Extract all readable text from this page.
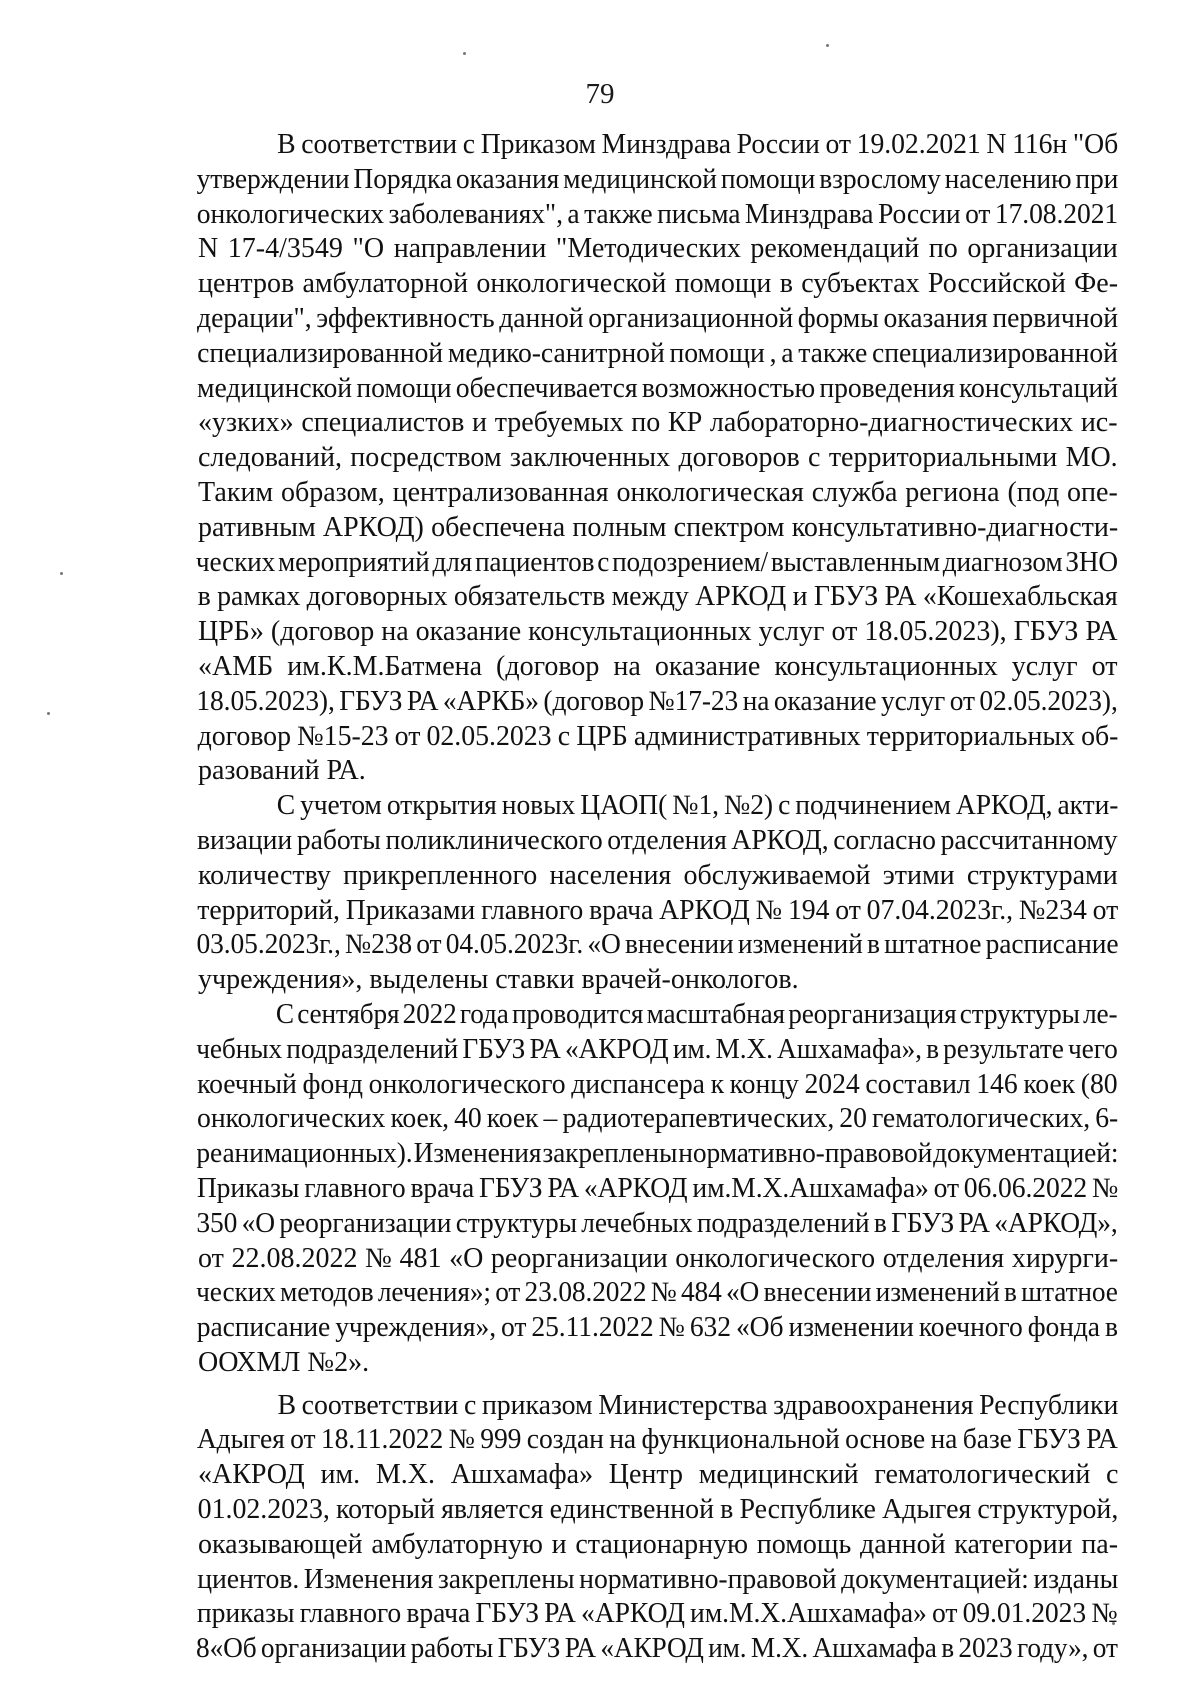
79

В соответствии с Приказом Минздрава России от 19.02.2021 N 116н "Об
утверждении Порядка оказания медицинской помощи взрослому населению при
онкологических заболеваниях", а также письма Минздрава России от 17.08.2021
N 17-4/3549 "О направлении "Методических рекомендаций по организации
центров амбулаторной онкологической помощи в субъектах Российской Фе-
дерации", эффективность данной организационной формы оказания первичной
специализированной медико-санитрной помощи , а также специализированной
медицинской помощи обеспечивается возможностью проведения консультаций
«узких» специалистов и требуемых по КР лабораторно-диагностических ис-
следований, посредством заключенных договоров с территориальными МО.
Таким образом, централизованная онкологическая служба региона (под опе-
ративным АРКОД) обеспечена полным спектром консультативно-диагности-
ческих мероприятий для пациентов с подозрением/ выставленным диагнозом ЗНО
в рамках договорных обязательств между АРКОД и ГБУЗ РА «Кошехабльская
ЦРБ» (договор на оказание консультационных услуг от 18.05.2023), ГБУЗ РА
«АМБ им.К.М.Батмена (договор на оказание консультационных услуг от
18.05.2023), ГБУЗ РА «АРКБ» (договор №17-23 на оказание услуг от 02.05.2023),
договор №15-23 от 02.05.2023 с ЦРБ административных территориальных об-
разований РА.

С учетом открытия новых ЦАОП( №1, №2) с подчинением АРКОД, акти-
визации работы поликлинического отделения АРКОД, согласно рассчитанному
количеству прикрепленного населения обслуживаемой этими структурами
территорий, Приказами главного врача АРКОД № 194 от 07.04.2023г., №234 от
03.05.2023г., №238 от 04.05.2023г. «О внесении изменений в штатное расписание
учреждения», выделены ставки врачей-онкологов.

С сентября 2022 года проводится масштабная реорганизация структуры ле-
чебных подразделений ГБУЗ РА «АКРОД им. М.Х. Ашхамафа», в результате чего
коечный фонд онкологического диспансера к концу 2024 составил 146 коек (80
онкологических коек, 40 коек – радиотерапевтических, 20 гематологических, 6-
реанимационных). Изменения закреплены нормативно-правовой документацией:
Приказы главного врача ГБУЗ РА «АРКОД им.М.Х.Ашхамафа» от 06.06.2022 №
350 «О реорганизации структуры лечебных подразделений в ГБУЗ РА «АРКОД»,
от 22.08.2022 № 481 «О реорганизации онкологического отделения хирурги-
ческих методов лечения»; от 23.08.2022 № 484 «О внесении изменений в штатное
расписание учреждения», от 25.11.2022 № 632 «Об изменении коечного фонда в
ООХМЛ №2».

В соответствии с приказом Министерства здравоохранения Республики
Адыгея от 18.11.2022 № 999 создан на функциональной основе на базе ГБУЗ РА
«АКРОД им. М.Х. Ашхамафа» Центр медицинский гематологический с
01.02.2023, который является единственной в Республике Адыгея структурой,
оказывающей амбулаторную и стационарную помощь данной категории па-
циентов. Изменения закреплены нормативно-правовой документацией: изданы
приказы главного врача ГБУЗ РА «АРКОД им.М.Х.Ашхамафа» от 09.01.2023 №
8«Об организации работы ГБУЗ РА «АКРОД им. М.Х. Ашхамафа в 2023 году», от
